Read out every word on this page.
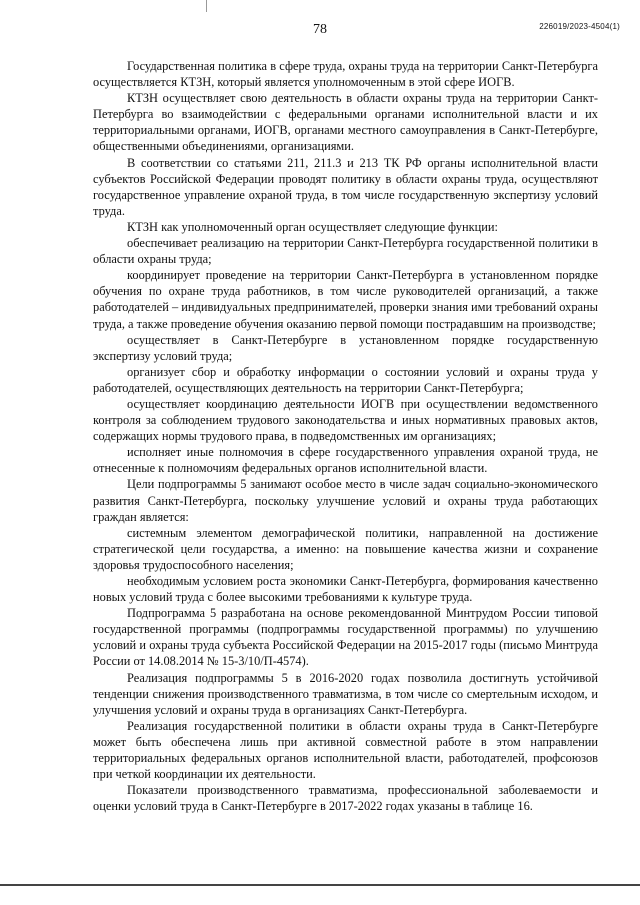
78	226019/2023-4504(1)

Государственная политика в сфере труда, охраны труда на территории Санкт-Петербурга осуществляется КТЗН, который является уполномоченным в этой сфере ИОГВ.

КТЗН осуществляет свою деятельность в области охраны труда на территории Санкт-Петербурга во взаимодействии с федеральными органами исполнительной власти и их территориальными органами, ИОГВ, органами местного самоуправления в Санкт-Петербурге, общественными объединениями, организациями.

В соответствии со статьями 211, 211.3 и 213 ТК РФ органы исполнительной власти субъектов Российской Федерации проводят политику в области охраны труда, осуществляют государственное управление охраной труда, в том числе государственную экспертизу условий труда.

КТЗН как уполномоченный орган осуществляет следующие функции:

обеспечивает реализацию на территории Санкт-Петербурга государственной политики в области охраны труда;

координирует проведение на территории Санкт-Петербурга в установленном порядке обучения по охране труда работников, в том числе руководителей организаций, а также работодателей – индивидуальных предпринимателей, проверки знания ими требований охраны труда, а также проведение обучения оказанию первой помощи пострадавшим на производстве;

осуществляет в Санкт-Петербурге в установленном порядке государственную экспертизу условий труда;

организует сбор и обработку информации о состоянии условий и охраны труда у работодателей, осуществляющих деятельность на территории Санкт-Петербурга;

осуществляет координацию деятельности ИОГВ при осуществлении ведомственного контроля за соблюдением трудового законодательства и иных нормативных правовых актов, содержащих нормы трудового права, в подведомственных им организациях;

исполняет иные полномочия в сфере государственного управления охраной труда, не отнесенные к полномочиям федеральных органов исполнительной власти.

Цели подпрограммы 5 занимают особое место в числе задач социально-экономического развития Санкт-Петербурга, поскольку улучшение условий и охраны труда работающих граждан является:

системным элементом демографической политики, направленной на достижение стратегической цели государства, а именно: на повышение качества жизни и сохранение здоровья трудоспособного населения;

необходимым условием роста экономики Санкт-Петербурга, формирования качественно новых условий труда с более высокими требованиями к культуре труда.

Подпрограмма 5 разработана на основе рекомендованной Минтрудом России типовой государственной программы (подпрограммы государственной программы) по улучшению условий и охраны труда субъекта Российской Федерации на 2015-2017 годы (письмо Минтруда России от 14.08.2014 № 15-3/10/П-4574).

Реализация подпрограммы 5 в 2016-2020 годах позволила достигнуть устойчивой тенденции снижения производственного травматизма, в том числе со смертельным исходом, и улучшения условий и охраны труда в организациях Санкт-Петербурга.

Реализация государственной политики в области охраны труда в Санкт-Петербурге может быть обеспечена лишь при активной совместной работе в этом направлении территориальных федеральных органов исполнительной власти, работодателей, профсоюзов при четкой координации их деятельности.

Показатели производственного травматизма, профессиональной заболеваемости и оценки условий труда в Санкт-Петербурге в 2017-2022 годах указаны в таблице 16.
